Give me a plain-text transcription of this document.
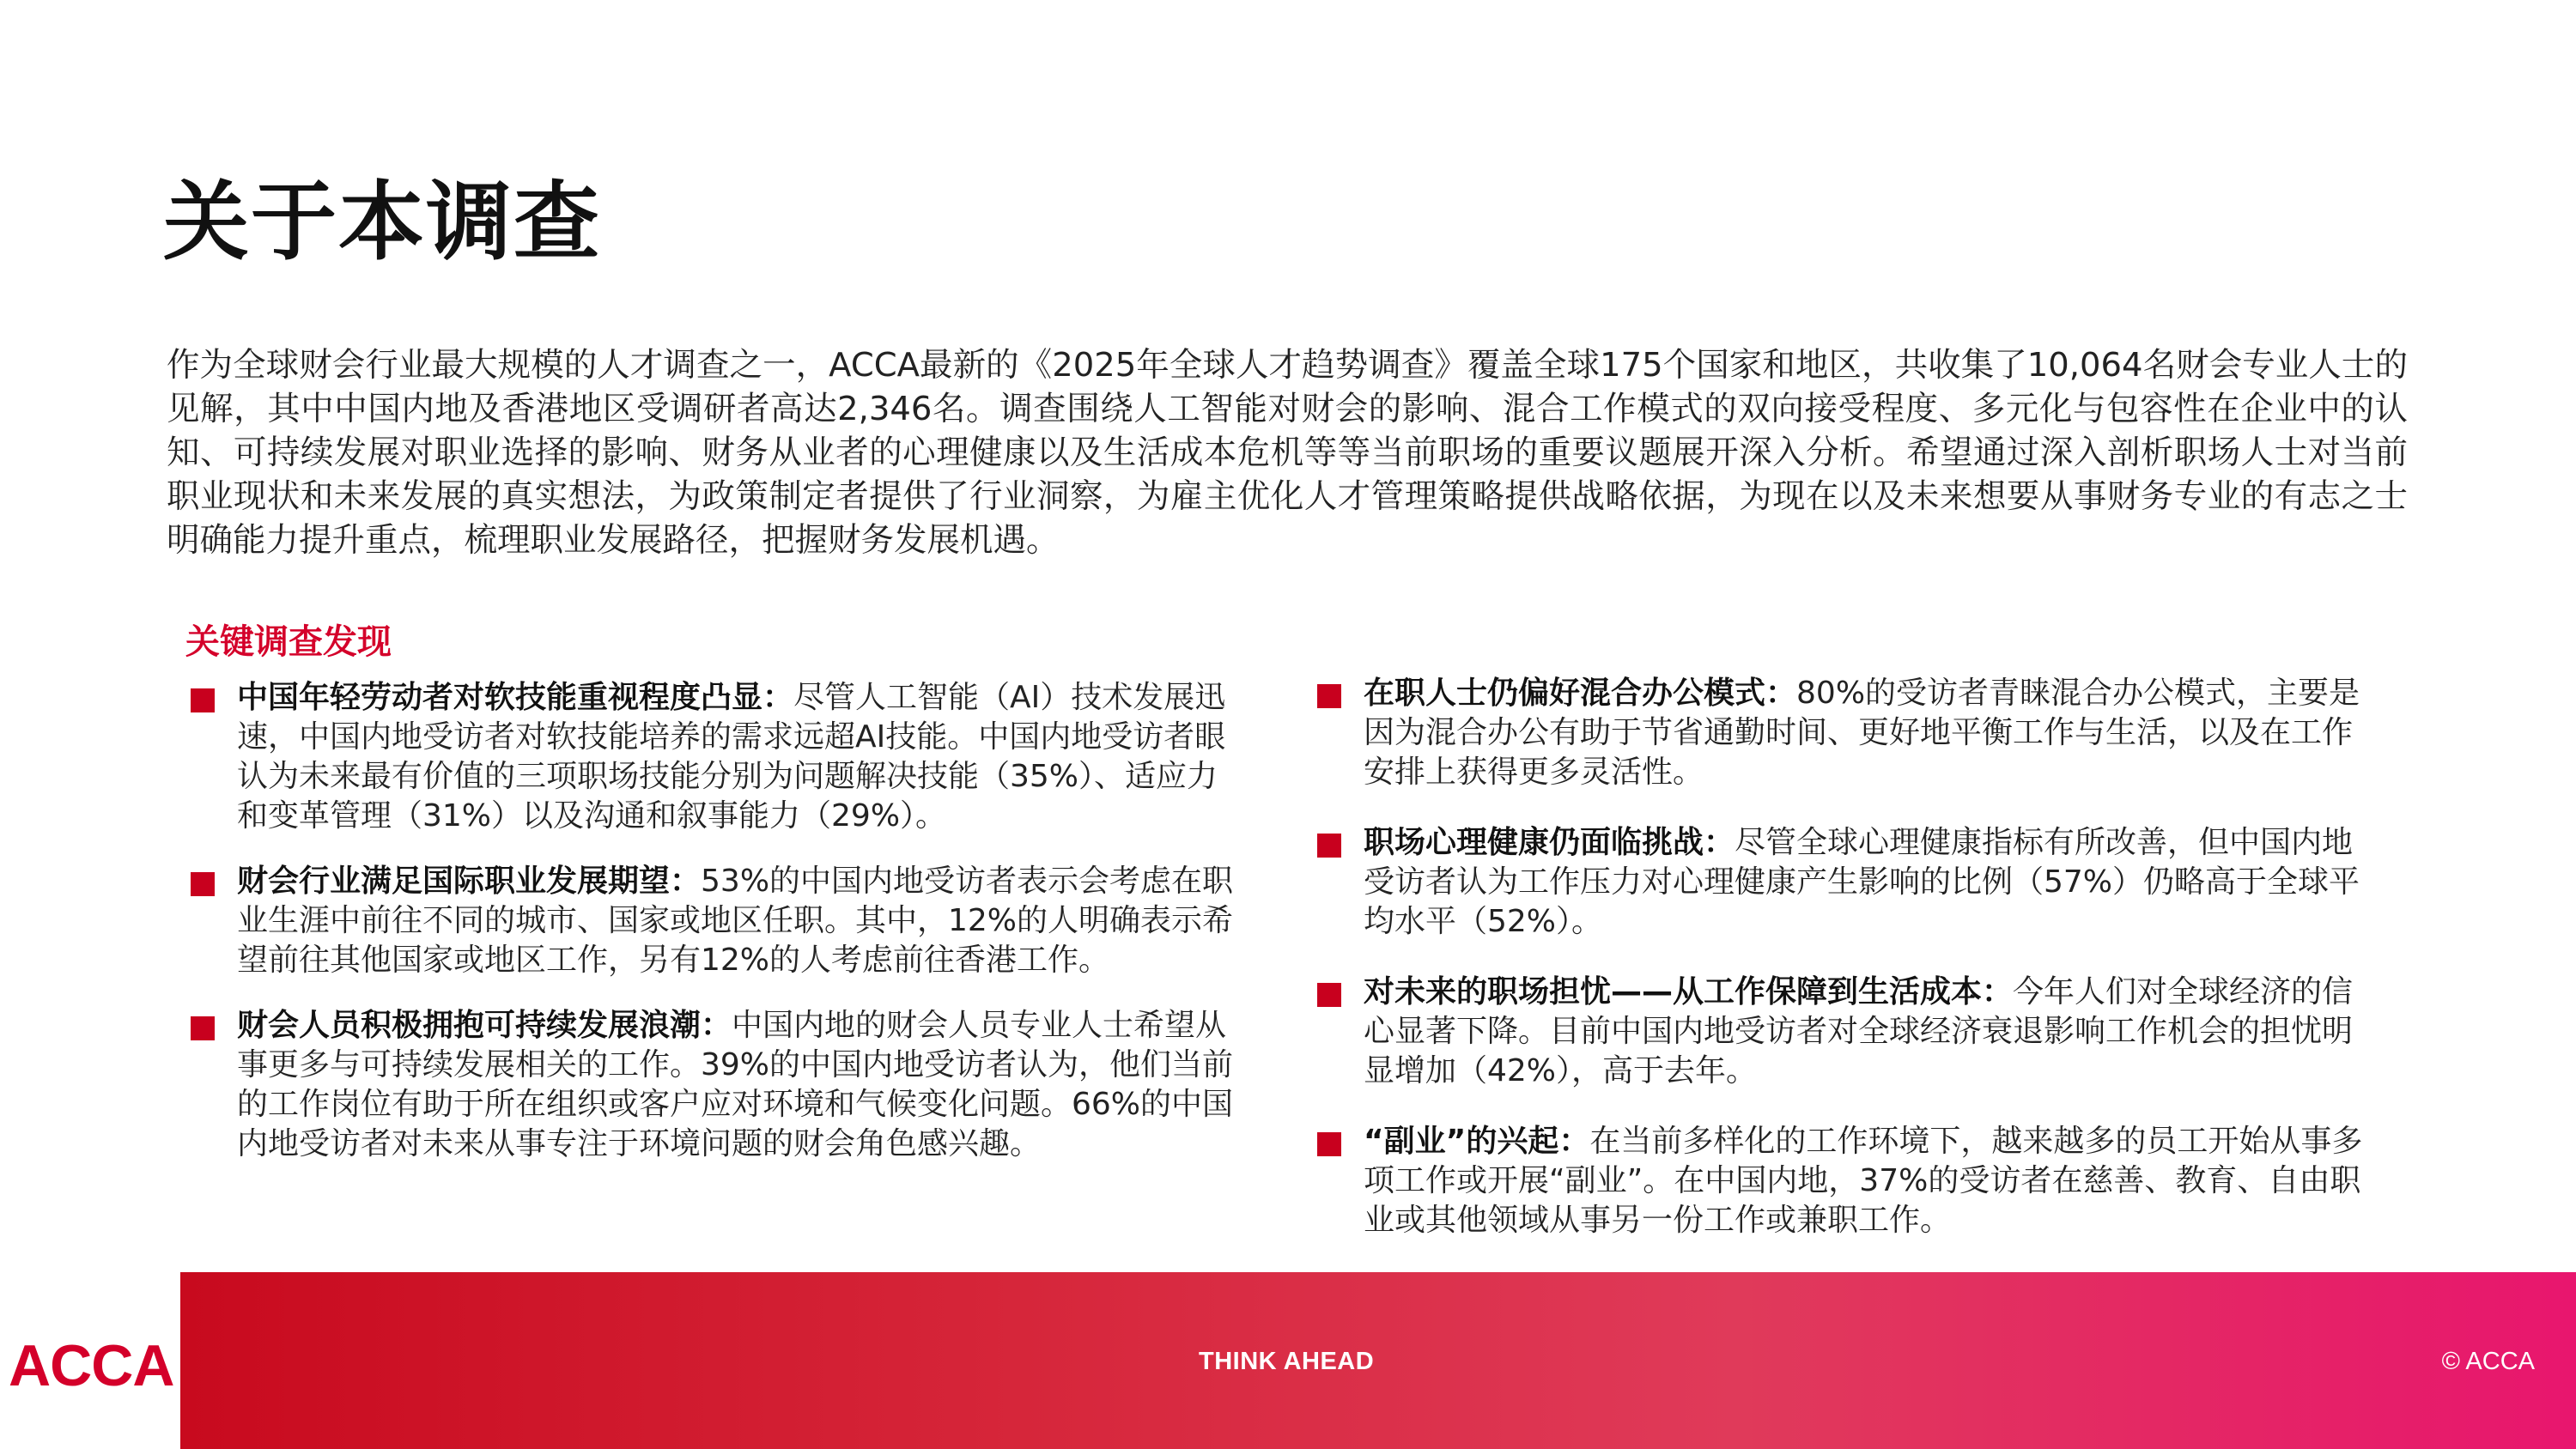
关于本调查
作为全球财会行业最大规模的人才调查之一，ACCA最新的《2025年全球人才趋势调查》覆盖全球175个国家和地区，共收集了10,064名财会专业人士的见解，其中中国内地及香港地区受调研者高达2,346名。调查围绕人工智能对财会的影响、混合工作模式的双向接受程度、多元化与包容性在企业中的认知、可持续发展对职业选择的影响、财务从业者的心理健康以及生活成本危机等等当前职场的重要议题展开深入分析。希望通过深入剖析职场人士对当前职业现状和未来发展的真实想法，为政策制定者提供了行业洞察，为雇主优化人才管理策略提供战略依据，为现在以及未来想要从事财务专业的有志之士明确能力提升重点，梳理职业发展路径，把握财务发展机遇。
关键调查发现
中国年轻劳动者对软技能重视程度凸显：尽管人工智能（AI）技术发展迅速，中国内地受访者对软技能培养的需求远超AI技能。中国内地受访者眼认为未来最有价值的三项职场技能分别为问题解决技能（35%）、适应力和变革管理（31%）以及沟通和叙事能力（29%）。
财会行业满足国际职业发展期望：53%的中国内地受访者表示会考虑在职业生涯中前往不同的城市、国家或地区任职。其中，12%的人明确表示希望前往其他国家或地区工作，另有12%的人考虑前往香港工作。
财会人员积极拥抱可持续发展浪潮：中国内地的财会人员专业人士希望从事更多与可持续发展相关的工作。39%的中国内地受访者认为，他们当前的工作岗位有助于所在组织或客户应对环境和气候变化问题。66%的中国内地受访者对未来从事专注于环境问题的财会角色感兴趣。
在职人士仍偏好混合办公模式：80%的受访者青睐混合办公模式，主要是因为混合办公有助于节省通勤时间、更好地平衡工作与生活，以及在工作安排上获得更多灵活性。
职场心理健康仍面临挑战：尽管全球心理健康指标有所改善，但中国内地受访者认为工作压力对心理健康产生影响的比例（57%）仍略高于全球平均水平（52%）。
对未来的职场担忧——从工作保障到生活成本：今年人们对全球经济的信心显著下降。目前中国内地受访者对全球经济衰退影响工作机会的担忧明显增加（42%），高于去年。
“副业”的兴起：在当前多样化的工作环境下，越来越多的员工开始从事多项工作或开展“副业”。在中国内地，37%的受访者在慈善、教育、自由职业或其他领域从事另一份工作或兼职工作。
ACCA	THINK AHEAD	© ACCA
